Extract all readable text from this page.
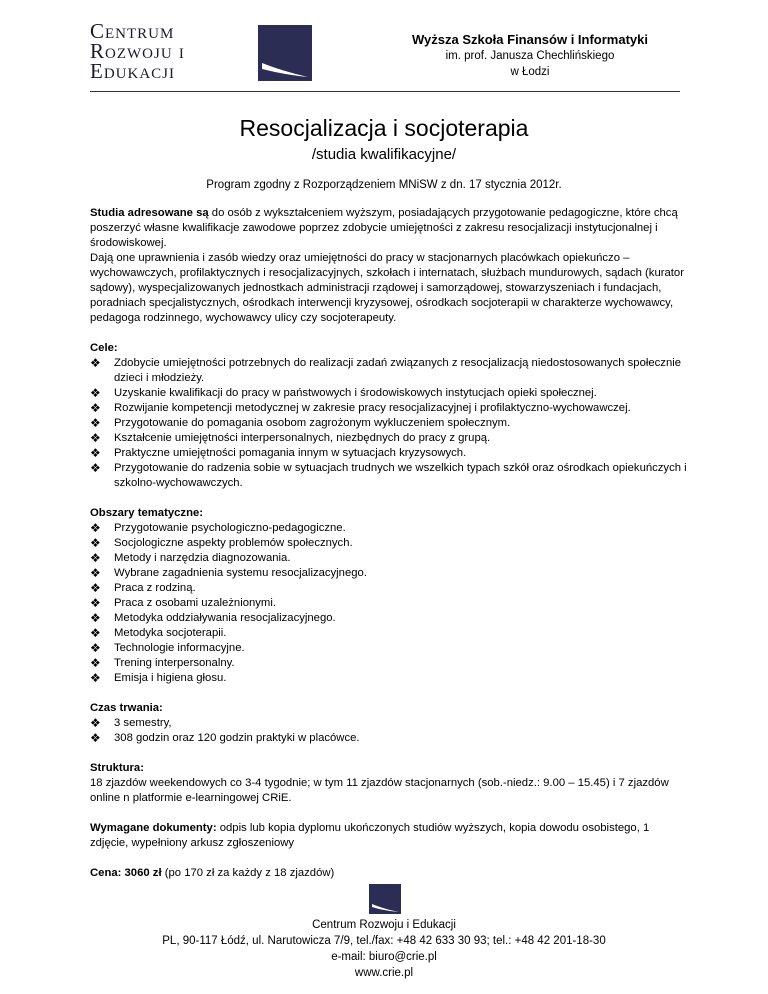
Centrum
Rozwoju i
Edukacji
Wyższa Szkoła Finansów i Informatyki
im. prof. Janusza Chechlińskiego
w Łodzi
Resocjalizacja i socjoterapia
/studia kwalifikacyjne/
Program zgodny z Rozporządzeniem MNiSW z dn. 17 stycznia 2012r.

Studia adresowane są do osób z wykształceniem wyższym, posiadających przygotowanie pedagogiczne, które chcą poszerzyć własne kwalifikacje zawodowe poprzez zdobycie umiejętności z zakresu resocjalizacji instytucjonalnej i środowiskowej.

Dają one uprawnienia i zasób wiedzy oraz umiejętności do pracy w stacjonarnych placówkach opiekuńczo – wychowawczych, profilaktycznych i resocjalizacyjnych, szkołach i internatach, służbach mundurowych, sądach (kurator sądowy), wyspecjalizowanych jednostkach administracji rządowej i samorządowej, stowarzyszeniach i fundacjach, poradniach specjalistycznych, ośrodkach interwencji kryzysowej, ośrodkach socjoterapii w charakterze wychowawcy, pedagoga rodzinnego, wychowawcy ulicy czy socjoterapeuty.

Cele:

❖ Zdobycie umiejętności potrzebnych do realizacji zadań związanych z resocjalizacją niedostosowanych społecznie dzieci i młodzieży.
❖ Uzyskanie kwalifikacji do pracy w państwowych i środowiskowych instytucjach opieki społecznej.
❖ Rozwijanie kompetencji metodycznej w zakresie pracy resocjalizacyjnej i profilaktyczno-wychowawczej.
❖ Przygotowanie do pomagania osobom zagrożonym wykluczeniem społecznym.
❖ Kształcenie umiejętności interpersonalnych, niezbędnych do pracy z grupą.
❖ Praktyczne umiejętności pomagania innym w sytuacjach kryzysowych.
❖ Przygotowanie do radzenia sobie w sytuacjach trudnych we wszelkich typach szkół oraz ośrodkach opiekuńczych i szkolno-wychowawczych.

Obszary tematyczne:

❖ Przygotowanie psychologiczno-pedagogiczne.
❖ Socjologiczne aspekty problemów społecznych.
❖ Metody i narzędzia diagnozowania.
❖ Wybrane zagadnienia systemu resocjalizacyjnego.
❖ Praca z rodziną.
❖ Praca z osobami uzależnionymi.
❖ Metodyka oddziaływania resocjalizacyjnego.
❖ Metodyka socjoterapii.
❖ Technologie informacyjne.
❖ Trening interpersonalny.
❖ Emisja i higiena głosu.

Czas trwania:

❖ 3 semestry,
❖ 308 godzin oraz 120 godzin praktyki w placówce.

Struktura:

18 zjazdów weekendowych co 3-4 tygodnie; w tym 11 zjazdów stacjonarnych (sob.-niedz.: 9.00 – 15.45) i 7 zjazdów online n platformie e-learningowej CRiE.

Wymagane dokumenty: odpis lub kopia dyplomu ukończonych studiów wyższych, kopia dowodu osobistego, 1 zdjęcie, wypełniony arkusz zgłoszeniowy

Cena: 3060 zł (po 170 zł za każdy z 18 zjazdów)

Centrum Rozwoju i Edukacji
PL, 90-117 Łódź, ul. Narutowicza 7/9, tel./fax: +48 42 633 30 93; tel.: +48 42 201-18-30
e-mail: biuro@crie.pl
www.crie.pl
